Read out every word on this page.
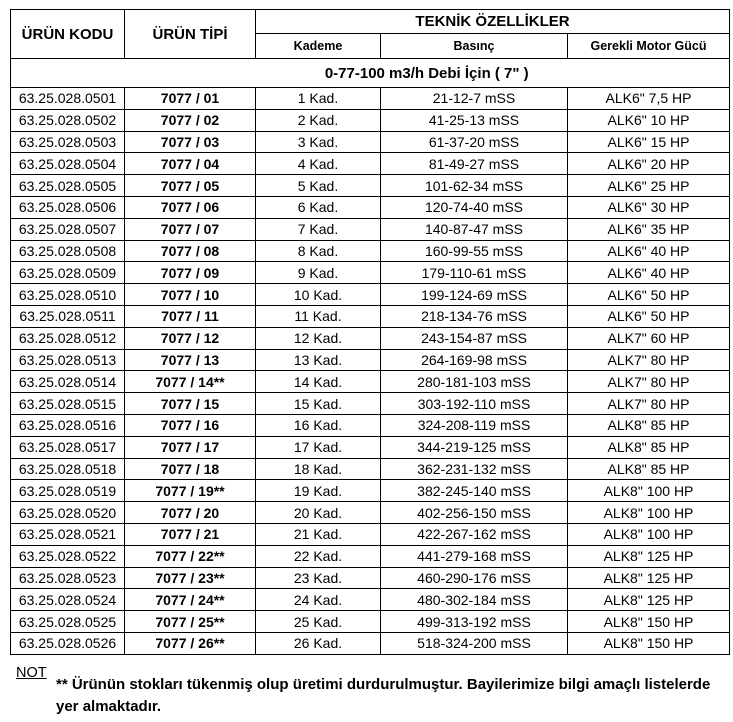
ÜRÜN KODU	ÜRÜN TİPİ	TEKNİK ÖZELLİKLER		
		Kademe	Basınç	Gerekli Motor Gücü
	0-77-100 m3/h Debi İçin ( 7" )			
63.25.028.0501	7077 / 01	1 Kad.	21-12-7 mSS	ALK6" 7,5 HP
63.25.028.0502	7077 / 02	2 Kad.	41-25-13 mSS	ALK6" 10 HP
63.25.028.0503	7077 / 03	3 Kad.	61-37-20 mSS	ALK6" 15 HP
63.25.028.0504	7077 / 04	4 Kad.	81-49-27 mSS	ALK6" 20 HP
63.25.028.0505	7077 / 05	5 Kad.	101-62-34 mSS	ALK6" 25 HP
63.25.028.0506	7077 / 06	6 Kad.	120-74-40 mSS	ALK6" 30 HP
63.25.028.0507	7077 / 07	7 Kad.	140-87-47 mSS	ALK6" 35 HP
63.25.028.0508	7077 / 08	8 Kad.	160-99-55 mSS	ALK6" 40 HP
63.25.028.0509	7077 / 09	9 Kad.	179-110-61 mSS	ALK6" 40 HP
63.25.028.0510	7077 / 10	10 Kad.	199-124-69 mSS	ALK6" 50 HP
63.25.028.0511	7077 / 11	11 Kad.	218-134-76 mSS	ALK6" 50 HP
63.25.028.0512	7077 / 12	12 Kad.	243-154-87 mSS	ALK7" 60 HP
63.25.028.0513	7077 / 13	13 Kad.	264-169-98 mSS	ALK7" 80 HP
63.25.028.0514	7077 / 14**	14 Kad.	280-181-103 mSS	ALK7" 80 HP
63.25.028.0515	7077 / 15	15 Kad.	303-192-110 mSS	ALK7" 80 HP
63.25.028.0516	7077 / 16	16 Kad.	324-208-119 mSS	ALK8" 85 HP
63.25.028.0517	7077 / 17	17 Kad.	344-219-125 mSS	ALK8" 85 HP
63.25.028.0518	7077 / 18	18 Kad.	362-231-132 mSS	ALK8" 85 HP
63.25.028.0519	7077 / 19**	19 Kad.	382-245-140 mSS	ALK8" 100 HP
63.25.028.0520	7077 / 20	20 Kad.	402-256-150 mSS	ALK8" 100 HP
63.25.028.0521	7077 / 21	21 Kad.	422-267-162 mSS	ALK8" 100 HP
63.25.028.0522	7077 / 22**	22 Kad.	441-279-168 mSS	ALK8" 125 HP
63.25.028.0523	7077 / 23**	23 Kad.	460-290-176 mSS	ALK8" 125 HP
63.25.028.0524	7077 / 24**	24 Kad.	480-302-184 mSS	ALK8" 125 HP
63.25.028.0525	7077 / 25**	25 Kad.	499-313-192 mSS	ALK8" 150 HP
63.25.028.0526	7077 / 26**	26 Kad.	518-324-200 mSS	ALK8" 150 HP
NOT
** Ürünün stokları tükenmiş olup üretimi durdurulmuştur. Bayilerimize bilgi amaçlı listelerde yer almaktadır.
